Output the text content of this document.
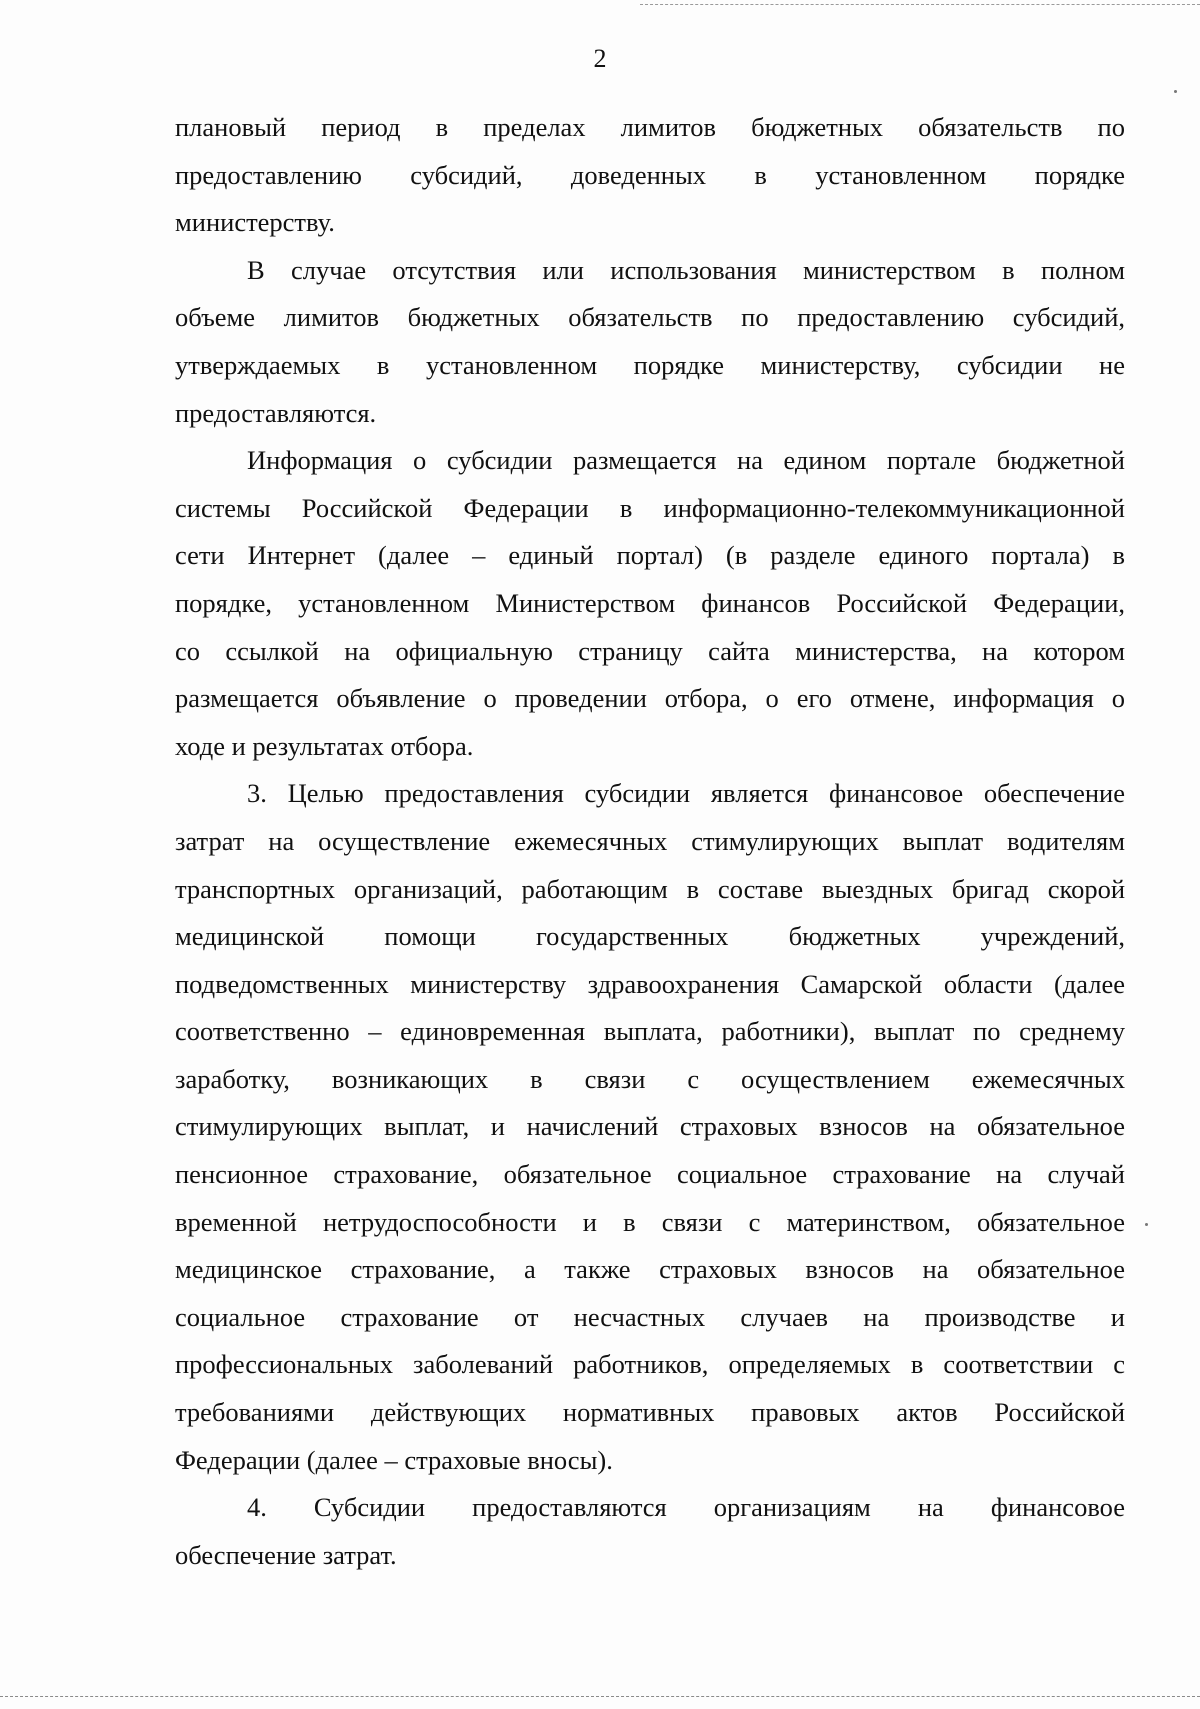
2

плановый период в пределах лимитов бюджетных обязательств по
предоставлению субсидий, доведенных в установленном порядке
министерству.

В случае отсутствия или использования министерством в полном
объеме лимитов бюджетных обязательств по предоставлению субсидий,
утверждаемых в установленном порядке министерству, субсидии не
предоставляются.

Информация о субсидии размещается на едином портале бюджетной
системы Российской Федерации в информационно-телекоммуникационной
сети Интернет (далее – единый портал) (в разделе единого портала) в
порядке, установленном Министерством финансов Российской Федерации,
со ссылкой на официальную страницу сайта министерства, на котором
размещается объявление о проведении отбора, о его отмене, информация о
ходе и результатах отбора.

3. Целью предоставления субсидии является финансовое обеспечение
затрат на осуществление ежемесячных стимулирующих выплат водителям
транспортных организаций, работающим в составе выездных бригад скорой
медицинской помощи государственных бюджетных учреждений,
подведомственных министерству здравоохранения Самарской области (далее
соответственно – единовременная выплата, работники), выплат по среднему
заработку, возникающих в связи с осуществлением ежемесячных
стимулирующих выплат, и начислений страховых взносов на обязательное
пенсионное страхование, обязательное социальное страхование на случай
временной нетрудоспособности и в связи с материнством, обязательное
медицинское страхование, а также страховых взносов на обязательное
социальное страхование от несчастных случаев на производстве и
профессиональных заболеваний работников, определяемых в соответствии с
требованиями действующих нормативных правовых актов Российской
Федерации (далее – страховые вносы).

4. Субсидии предоставляются организациям на финансовое
обеспечение затрат.
